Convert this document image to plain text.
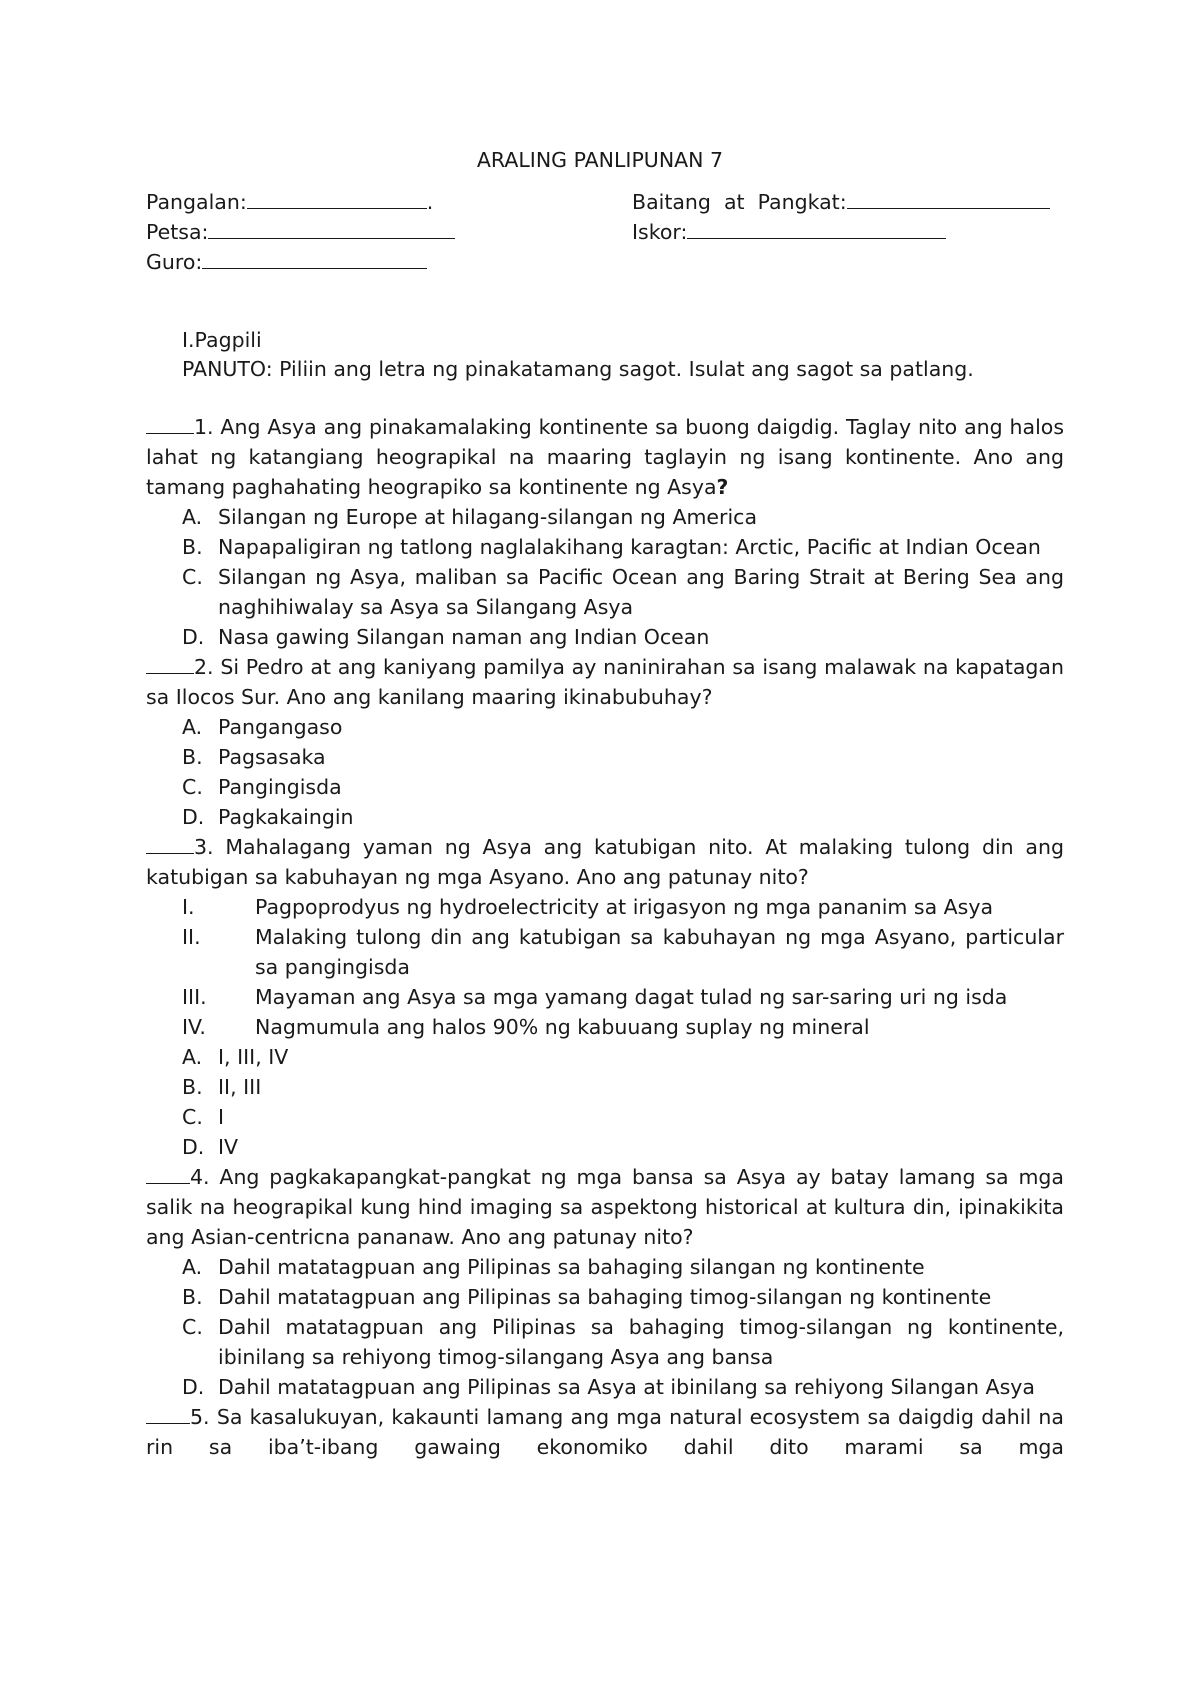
ARALING PANLIPUNAN 7
Pangalan:	.	Baitang  at  Pangkat:
Petsa:	Iskor:
Guro:
I.Pagpili
PANUTO: Piliin ang letra ng pinakatamang sagot. Isulat ang sagot sa patlang.
1. Ang Asya ang pinakamalaking kontinente sa buong daigdig. Taglay nito ang halos lahat ng katangiang heograpikal na maaring taglayin ng isang kontinente. Ano ang tamang paghahating heograpiko sa kontinente ng Asya?
A. Silangan ng Europe at hilagang-silangan ng America
B. Napapaligiran ng tatlong naglalakihang karagtan: Arctic, Pacific at Indian Ocean
C. Silangan ng Asya, maliban sa Pacific Ocean ang Baring Strait at Bering Sea ang naghihiwalay sa Asya sa Silangang Asya
D. Nasa gawing Silangan naman ang Indian Ocean
2. Si Pedro at ang kaniyang pamilya ay naninirahan sa isang malawak na kapatagan sa Ilocos Sur. Ano ang kanilang maaring ikinabubuhay?
A. Pangangaso
B. Pagsasaka
C. Pangingisda
D. Pagkakaingin
3. Mahalagang yaman ng Asya ang katubigan nito. At malaking tulong din ang katubigan sa kabuhayan ng mga Asyano. Ano ang patunay nito?
I.	Pagpoprodyus ng hydroelectricity at irigasyon ng mga pananim sa Asya
II.	Malaking tulong din ang katubigan sa kabuhayan ng mga Asyano, particular sa pangingisda
III. Mayaman ang Asya sa mga yamang dagat tulad ng sar-saring uri ng isda
IV. Nagmumula ang halos 90% ng kabuuang suplay ng mineral
A. I, III, IV
B. II, III
C. I
D. IV
4. Ang pagkakapangkat-pangkat ng mga bansa sa Asya ay batay lamang sa mga salik na heograpikal kung hind imaging sa aspektong historical at kultura din, ipinakikita ang Asian-centricna pananaw. Ano ang patunay nito?
A. Dahil matatagpuan ang Pilipinas sa bahaging silangan ng kontinente
B. Dahil matatagpuan ang Pilipinas sa bahaging timog-silangan ng kontinente
C. Dahil matatagpuan ang Pilipinas sa bahaging timog-silangan ng kontinente, ibinilang sa rehiyong timog-silangang Asya ang bansa
D. Dahil matatagpuan ang Pilipinas sa Asya at ibinilang sa rehiyong Silangan Asya
5. Sa kasalukuyan, kakaunti lamang ang mga natural ecosystem sa daigdig dahil na rin sa iba’t-ibang gawaing ekonomiko dahil dito marami sa mga
